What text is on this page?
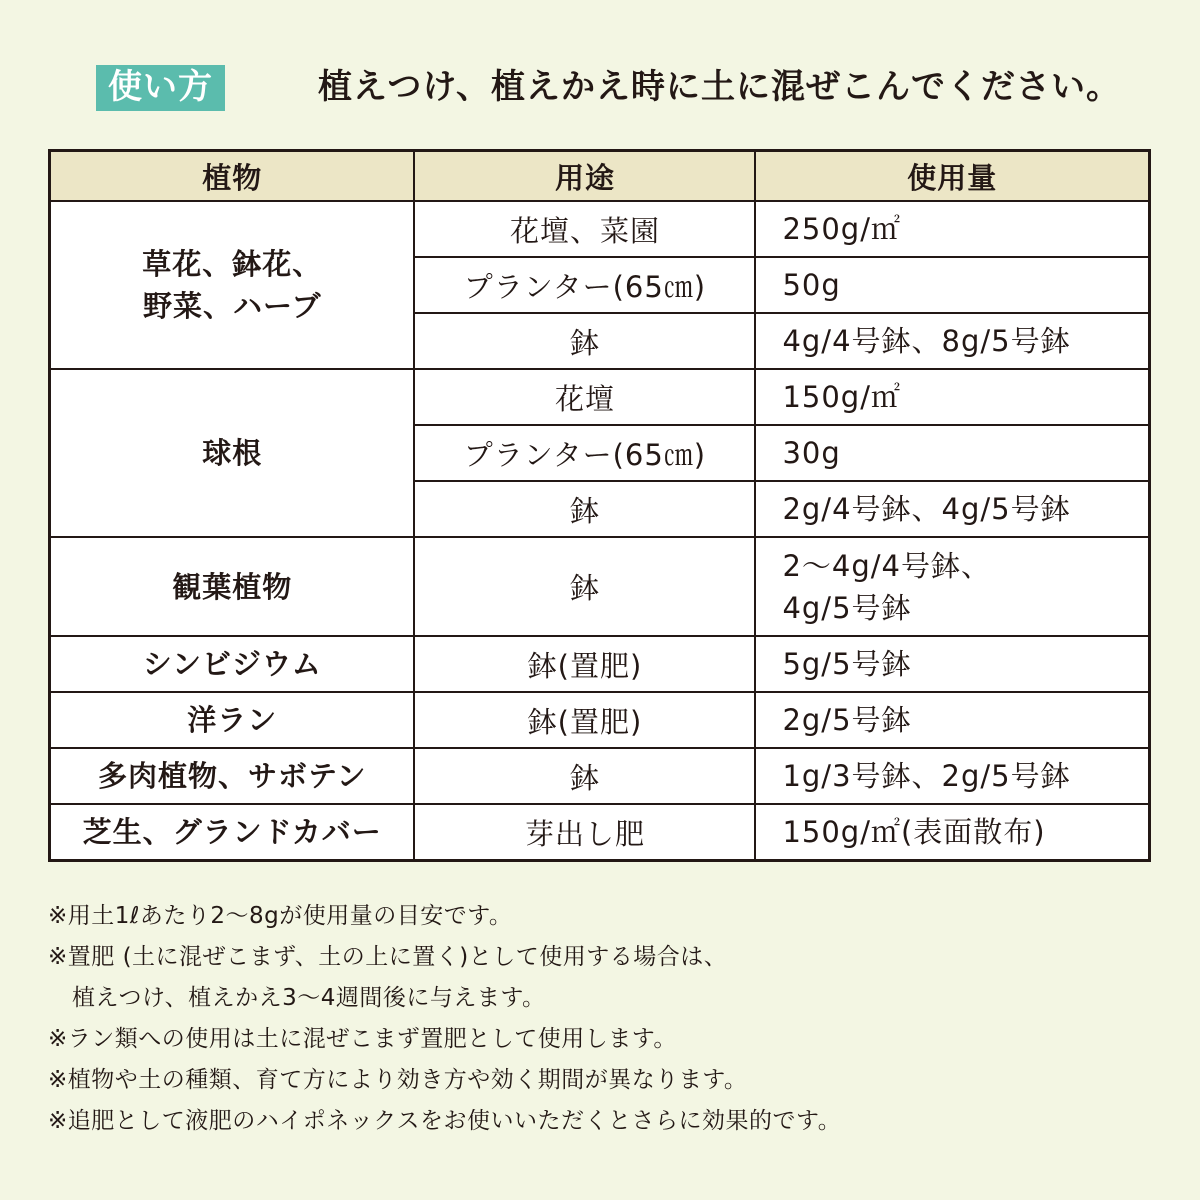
使い方	植えつけ、植えかえ時に土に混ぜこんでください。
植物	用途	使用量

草花、鉢花、
野菜、ハーブ	花壇、菜園	250g/㎡

	プランター(65㎝)	50g

	鉢	4g/4号鉢、8g/5号鉢

球根	花壇	150g/㎡

	プランター(65㎝)	30g

	鉢	2g/4号鉢、4g/5号鉢

観葉植物	鉢	2～4g/4号鉢、
4g/5号鉢

シンビジウム	鉢(置肥)	5g/5号鉢

洋ラン	鉢(置肥)	2g/5号鉢

多肉植物、サボテン	鉢	1g/3号鉢、2g/5号鉢

芝生、グランドカバー	芽出し肥	150g/㎡(表面散布)
※用土1ℓあたり2～8gが使用量の目安です。
※置肥 (土に混ぜこまず、土の上に置く)として使用する場合は、
植えつけ、植えかえ3～4週間後に与えます。
※ラン類への使用は土に混ぜこまず置肥として使用します。
※植物や土の種類、育て方により効き方や効く期間が異なります。
※追肥として液肥のハイポネックスをお使いいただくとさらに効果的です。
